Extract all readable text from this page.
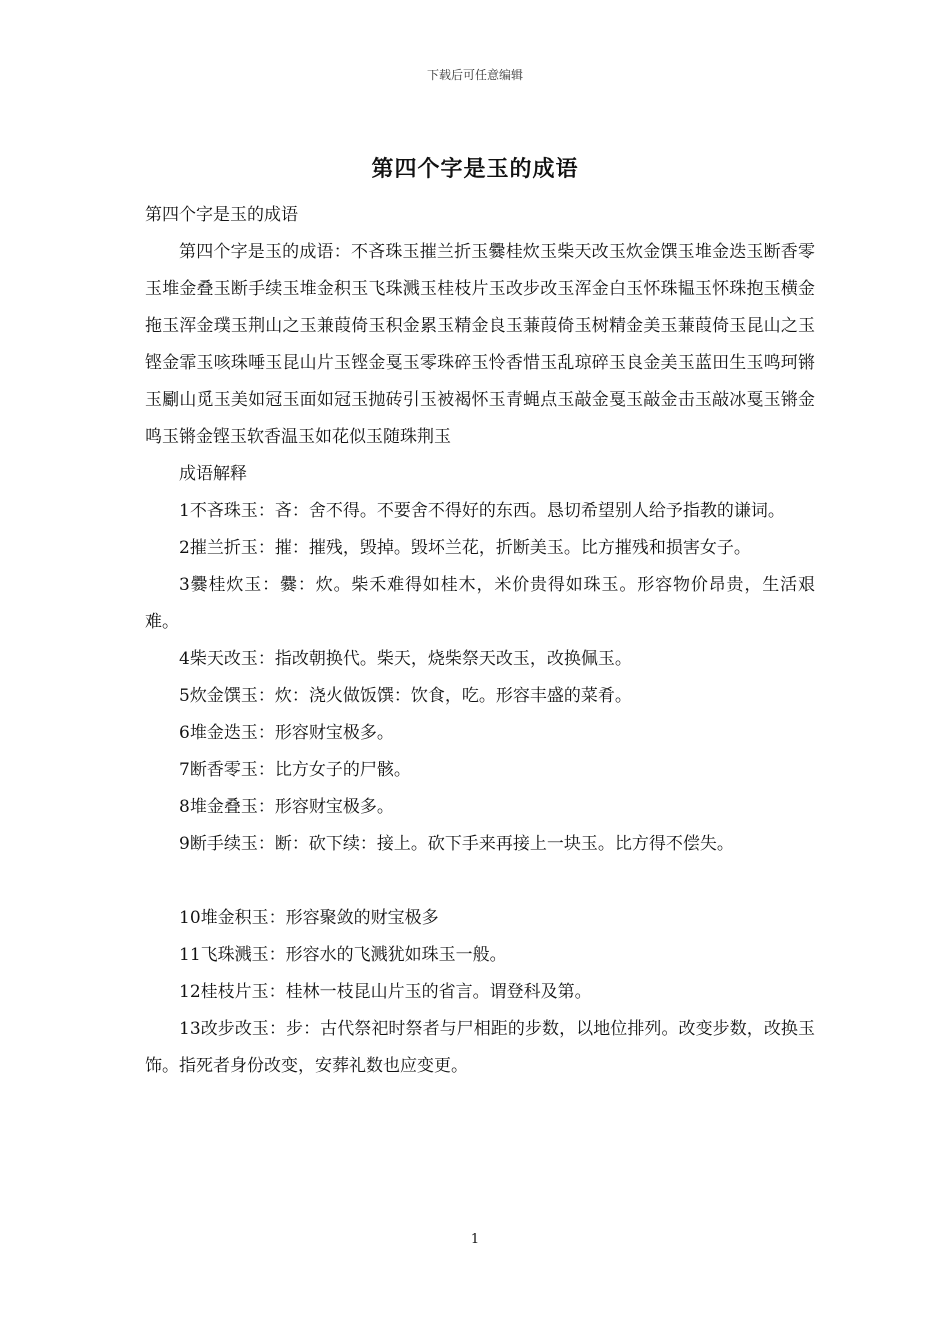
下载后可任意编辑
第四个字是玉的成语

第四个字是玉的成语

第四个字是玉的成语：不吝珠玉摧兰折玉爨桂炊玉柴天改玉炊金馔玉堆金迭玉断香零玉堆金叠玉断手续玉堆金积玉飞珠溅玉桂枝片玉改步改玉浑金白玉怀珠韫玉怀珠抱玉横金拖玉浑金璞玉荆山之玉兼葭倚玉积金累玉精金良玉蒹葭倚玉树精金美玉蒹葭倚玉昆山之玉铿金霏玉咳珠唾玉昆山片玉铿金戛玉零珠碎玉怜香惜玉乱琼碎玉良金美玉蓝田生玉鸣珂锵玉劚山觅玉美如冠玉面如冠玉抛砖引玉被褐怀玉青蝇点玉敲金戛玉敲金击玉敲冰戛玉锵金鸣玉锵金铿玉软香温玉如花似玉随珠荆玉

成语解释

1不吝珠玉：吝：舍不得。不要舍不得好的东西。恳切希望别人给予指教的谦词。

2摧兰折玉：摧：摧残，毁掉。毁坏兰花，折断美玉。比方摧残和损害女子。

3爨桂炊玉：爨：炊。柴禾难得如桂木，米价贵得如珠玉。形容物价昂贵，生活艰难。

4柴天改玉：指改朝换代。柴天，烧柴祭天改玉，改换佩玉。

5炊金馔玉：炊：浇火做饭馔：饮食，吃。形容丰盛的菜肴。

6堆金迭玉：形容财宝极多。

7断香零玉：比方女子的尸骸。

8堆金叠玉：形容财宝极多。

9断手续玉：断：砍下续：接上。砍下手来再接上一块玉。比方得不偿失。

10堆金积玉：形容聚敛的财宝极多

11飞珠溅玉：形容水的飞溅犹如珠玉一般。

12桂枝片玉：桂林一枝昆山片玉的省言。谓登科及第。

13改步改玉：步：古代祭祀时祭者与尸相距的步数，以地位排列。改变步数，改换玉饰。指死者身份改变，安葬礼数也应变更。

1
